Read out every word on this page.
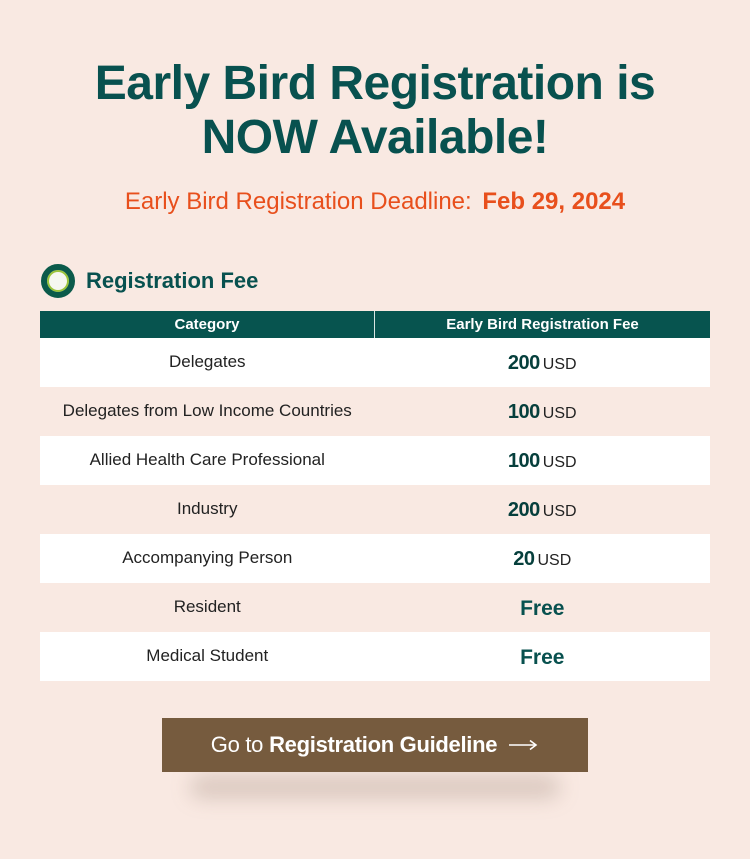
Early Bird Registration is
NOW Available!
Early Bird Registration Deadline: Feb 29, 2024
Registration Fee
Category	Early Bird Registration Fee
Delegates	200 USD
Delegates from Low Income Countries	100 USD
Allied Health Care Professional	100 USD
Industry	200 USD
Accompanying Person	20 USD
Resident	Free
Medical Student	Free
Go to Registration Guideline
